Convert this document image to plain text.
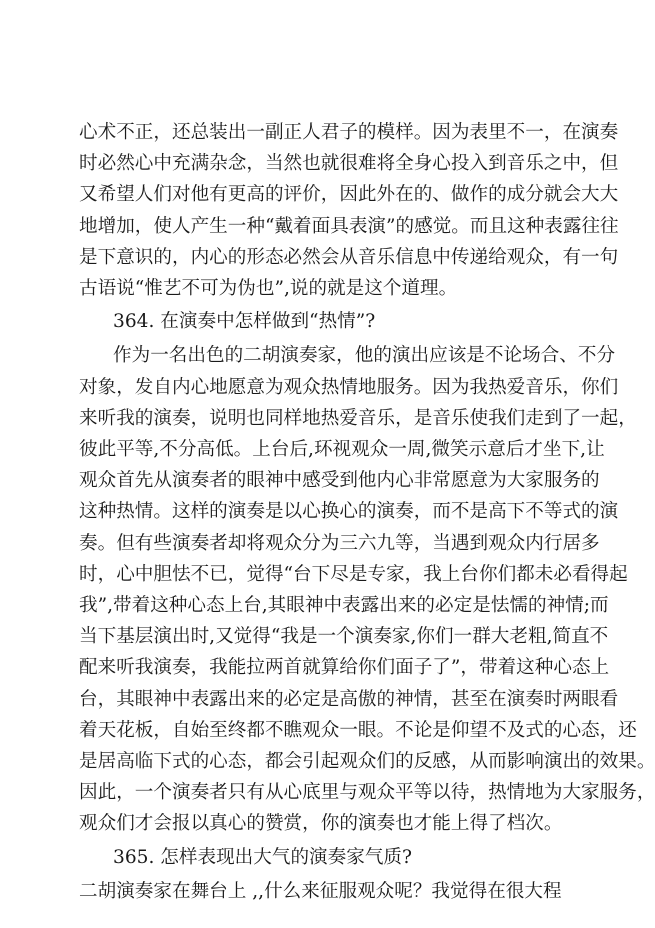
心术不正，还总装出一副正人君子的模样。因为表里不一，在演奏
时必然心中充满杂念，当然也就很难将全身心投入到音乐之中，但
又希望人们对他有更高的评价，因此外在的、做作的成分就会大大
地增加，使人产生一种“戴着面具表演”的感觉。而且这种表露往往
是下意识的，内心的形态必然会从音乐信息中传递给观众，有一句
古语说“惟艺不可为伪也”,说的就是这个道理。
364. 在演奏中怎样做到“热情”?
作为一名出色的二胡演奏家，他的演出应该是不论场合、不分
对象，发自内心地愿意为观众热情地服务。因为我热爱音乐，你们
来听我的演奏，说明也同样地热爱音乐，是音乐使我们走到了一起，
彼此平等,不分高低。上台后,环视观众一周,微笑示意后才坐下,让
观众首先从演奏者的眼神中感受到他内心非常愿意为大家服务的
这种热情。这样的演奏是以心换心的演奏，而不是高下不等式的演
奏。但有些演奏者却将观众分为三六九等，当遇到观众内行居多
时，心中胆怯不已，觉得“台下尽是专家，我上台你们都未必看得起
我”,带着这种心态上台,其眼神中表露出来的必定是怯懦的神情;而
当下基层演出时,又觉得“我是一个演奏家,你们一群大老粗,简直不
配来听我演奏，我能拉两首就算给你们面子了”，带着这种心态上
台，其眼神中表露出来的必定是高傲的神情，甚至在演奏时两眼看
着天花板，自始至终都不瞧观众一眼。不论是仰望不及式的心态，还
是居高临下式的心态，都会引起观众们的反感，从而影响演出的效果。
因此，一个演奏者只有从心底里与观众平等以待，热情地为大家服务，
观众们才会报以真心的赞赏，你的演奏也才能上得了档次。
365. 怎样表现出大气的演奏家气质?
二胡演奏家在舞台上 ,,什么来征服观众呢？我觉得在很大程
